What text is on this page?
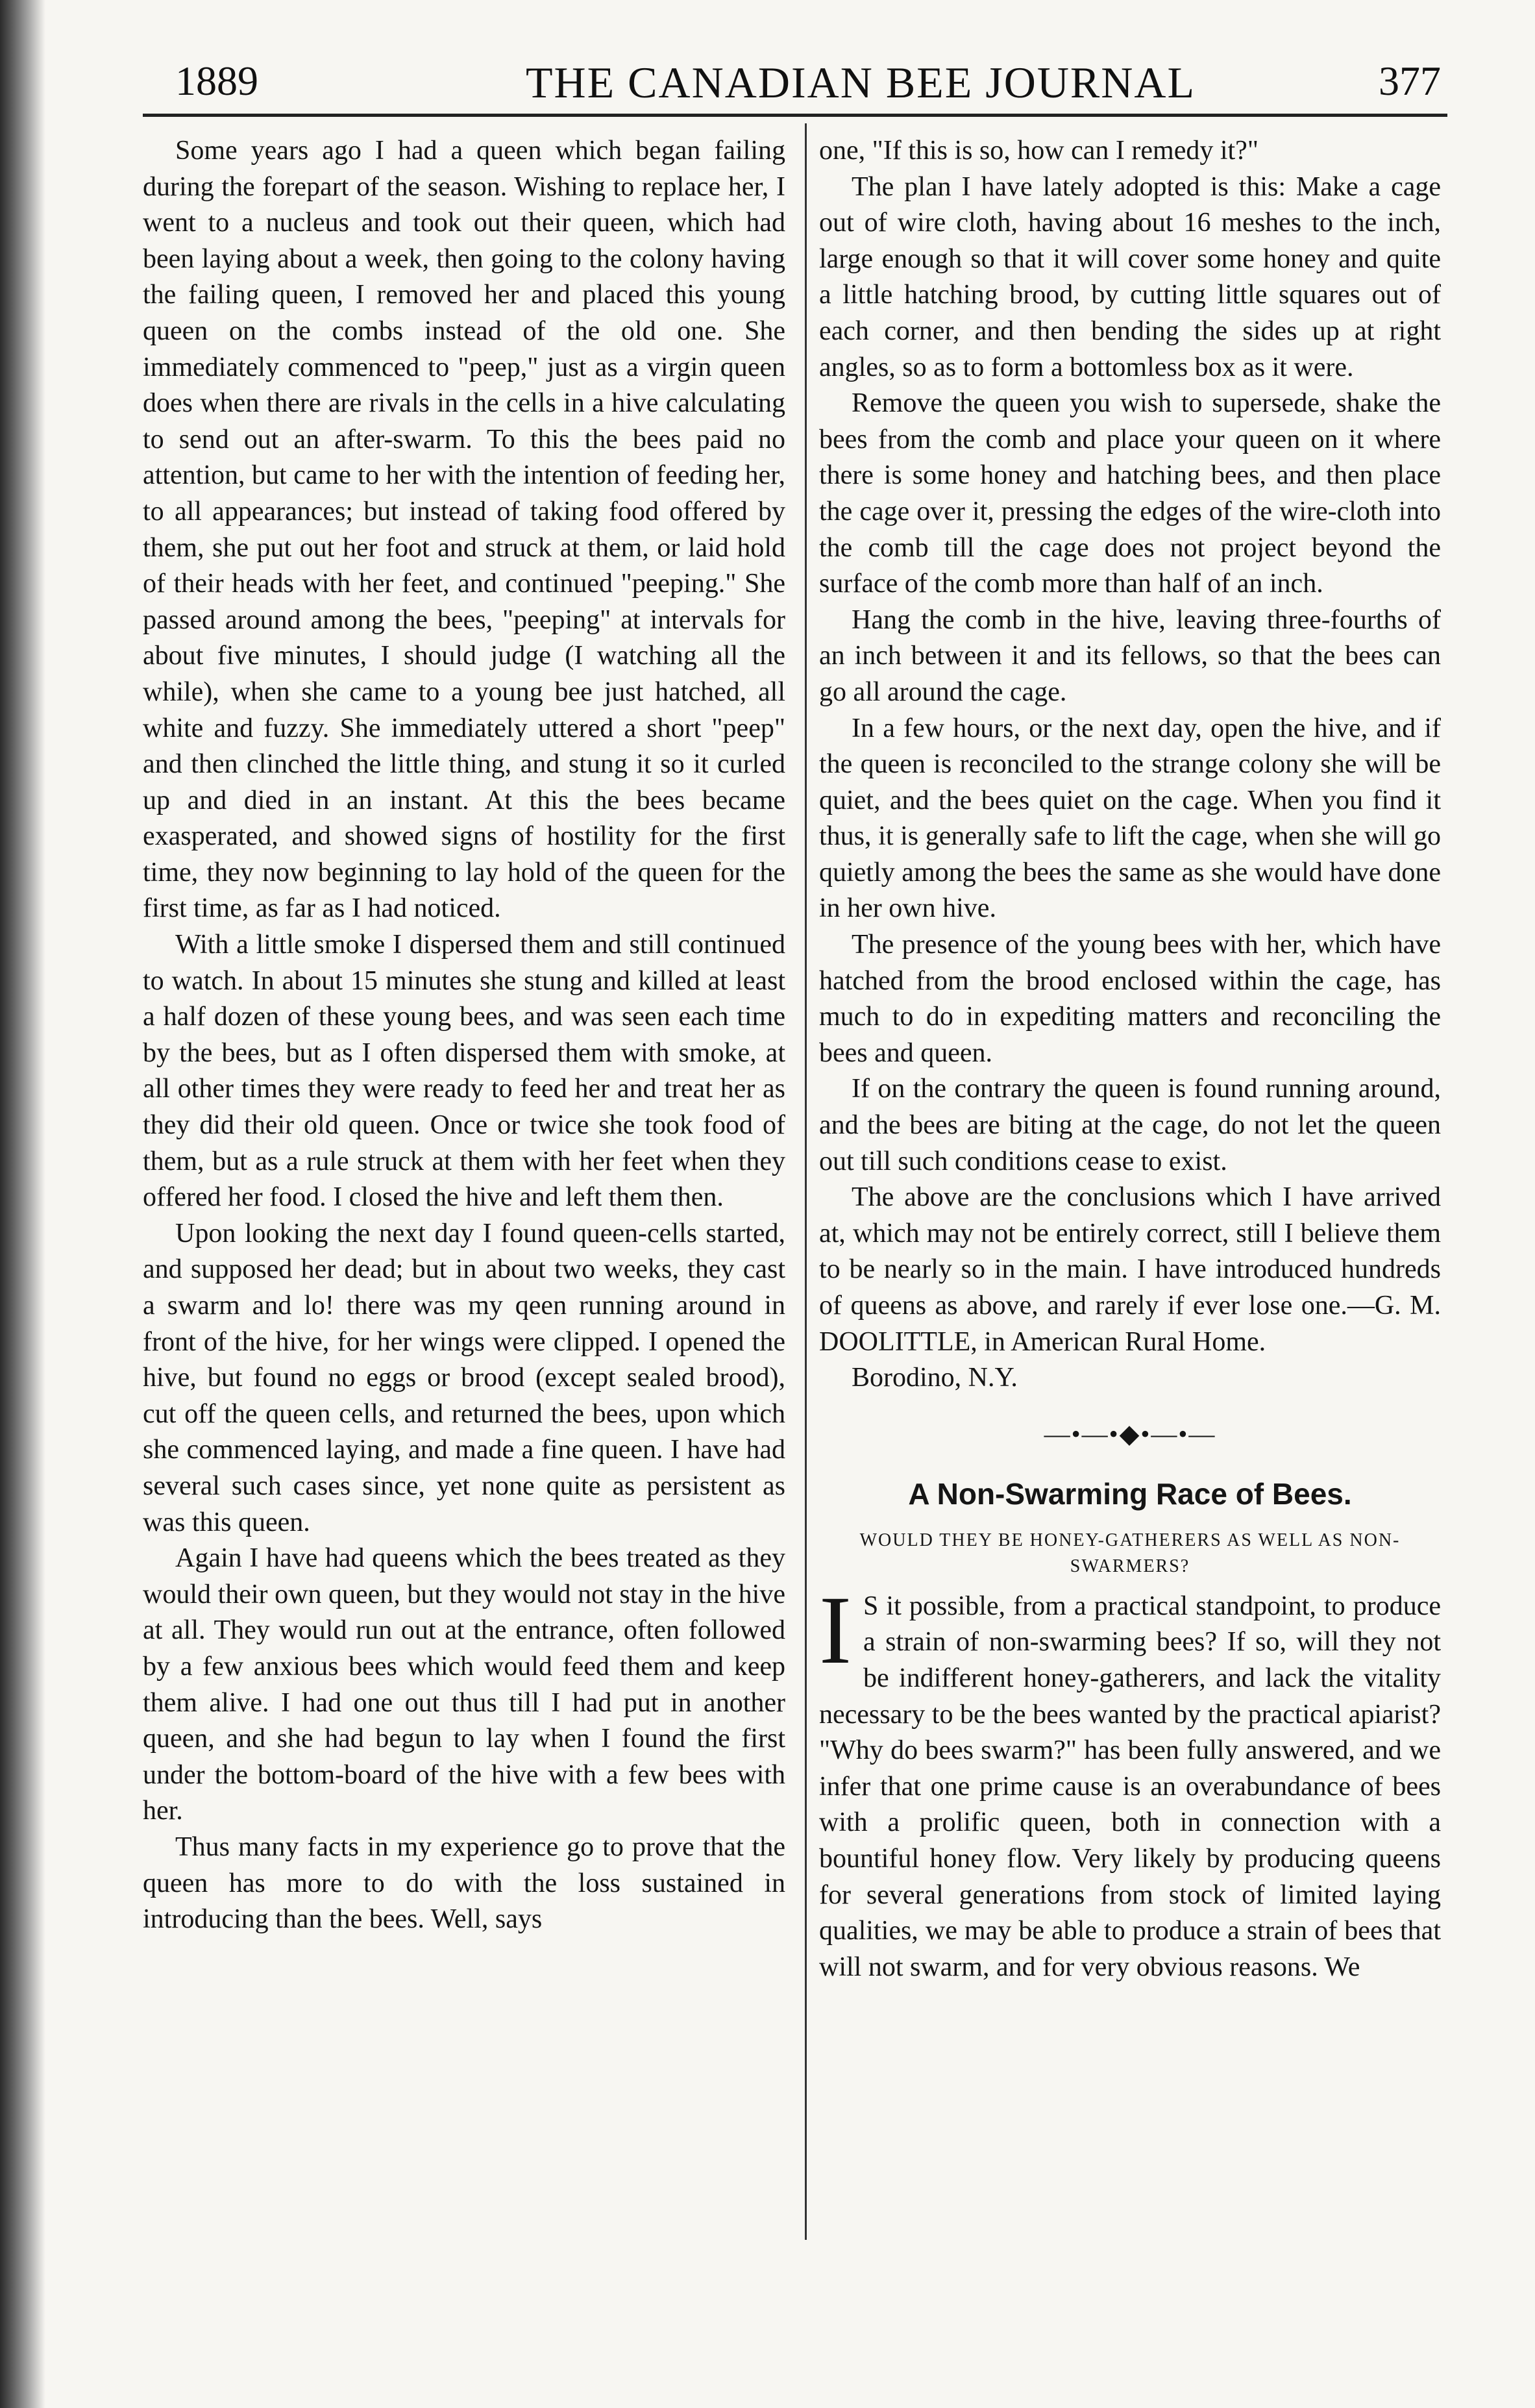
1889	THE CANADIAN BEE JOURNAL	377

Some years ago I had a queen which began failing during the forepart of the season. Wishing to replace her, I went to a nucleus and took out their queen, which had been laying about a week, then going to the colony having the failing queen, I removed her and placed this young queen on the combs instead of the old one. She immediately commenced to "peep," just as a virgin queen does when there are rivals in the cells in a hive calculating to send out an after-swarm. To this the bees paid no attention, but came to her with the intention of feeding her, to all appearances; but instead of taking food offered by them, she put out her foot and struck at them, or laid hold of their heads with her feet, and continued "peeping." She passed around among the bees, "peeping" at intervals for about five minutes, I should judge (I watching all the while), when she came to a young bee just hatched, all white and fuzzy. She immediately uttered a short "peep" and then clinched the little thing, and stung it so it curled up and died in an instant. At this the bees became exasperated, and showed signs of hostility for the first time, they now beginning to lay hold of the queen for the first time, as far as I had noticed.

With a little smoke I dispersed them and still continued to watch. In about 15 minutes she stung and killed at least a half dozen of these young bees, and was seen each time by the bees, but as I often dispersed them with smoke, at all other times they were ready to feed her and treat her as they did their old queen. Once or twice she took food of them, but as a rule struck at them with her feet when they offered her food. I closed the hive and left them then.

Upon looking the next day I found queen-cells started, and supposed her dead; but in about two weeks, they cast a swarm and lo! there was my qeen running around in front of the hive, for her wings were clipped. I opened the hive, but found no eggs or brood (except sealed brood), cut off the queen cells, and returned the bees, upon which she commenced laying, and made a fine queen. I have had several such cases since, yet none quite as persistent as was this queen.

Again I have had queens which the bees treated as they would their own queen, but they would not stay in the hive at all. They would run out at the entrance, often followed by a few anxious bees which would feed them and keep them alive. I had one out thus till I had put in another queen, and she had begun to lay when I found the first under the bottom-board of the hive with a few bees with her.

Thus many facts in my experience go to prove that the queen has more to do with the loss sustained in introducing than the bees. Well, says

one, "If this is so, how can I remedy it?"

The plan I have lately adopted is this: Make a cage out of wire cloth, having about 16 meshes to the inch, large enough so that it will cover some honey and quite a little hatching brood, by cutting little squares out of each corner, and then bending the sides up at right angles, so as to form a bottomless box as it were.

Remove the queen you wish to supersede, shake the bees from the comb and place your queen on it where there is some honey and hatching bees, and then place the cage over it, pressing the edges of the wire-cloth into the comb till the cage does not project beyond the surface of the comb more than half of an inch.

Hang the comb in the hive, leaving three-fourths of an inch between it and its fellows, so that the bees can go all around the cage.

In a few hours, or the next day, open the hive, and if the queen is reconciled to the strange colony she will be quiet, and the bees quiet on the cage. When you find it thus, it is generally safe to lift the cage, when she will go quietly among the bees the same as she would have done in her own hive.

The presence of the young bees with her, which have hatched from the brood enclosed within the cage, has much to do in expediting matters and reconciling the bees and queen.

If on the contrary the queen is found running around, and the bees are biting at the cage, do not let the queen out till such conditions cease to exist.

The above are the conclusions which I have arrived at, which may not be entirely correct, still I believe them to be nearly so in the main. I have introduced hundreds of queens as above, and rarely if ever lose one.—G. M. DOOLITTLE, in American Rural Home.

Borodino, N.Y.

—•—•◆•—•—
A Non-Swarming Race of Bees.
WOULD THEY BE HONEY-GATHERERS AS WELL AS NON-SWARMERS?

I S it possible, from a practical standpoint, to produce a strain of non-swarming bees? If so, will they not be indifferent honey-gatherers, and lack the vitality necessary to be the bees wanted by the practical apiarist? "Why do bees swarm?" has been fully answered, and we infer that one prime cause is an overabundance of bees with a prolific queen, both in connection with a bountiful honey flow. Very likely by producing queens for several generations from stock of limited laying qualities, we may be able to produce a strain of bees that will not swarm, and for very obvious reasons. We
